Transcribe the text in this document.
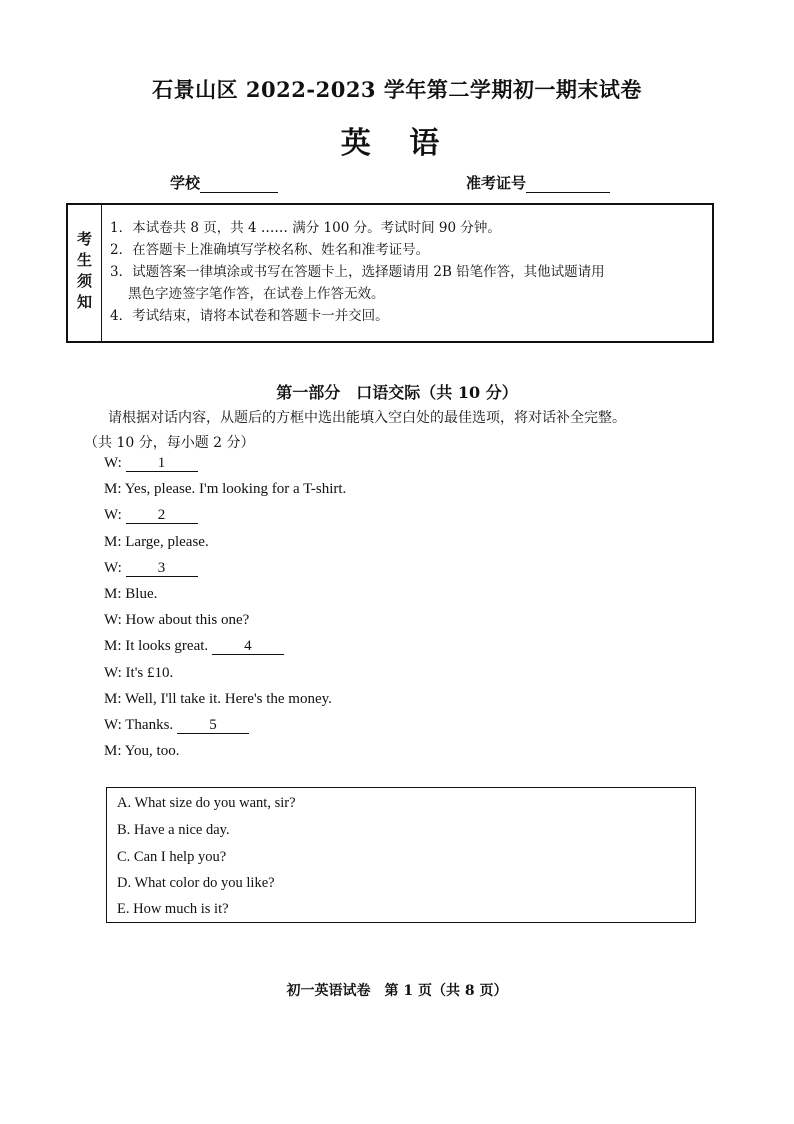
石景山区 2022-2023 学年第二学期初一期末试卷
英 语
学校	准考证号
考生须知
1．本试卷共 8 页，共 4 …… 满分 100 分。考试时间 90 分钟。
2．在答题卡上准确填写学校名称、姓名和准考证号。
3．试题答案一律填涂或书写在答题卡上，选择题请用 2B 铅笔作答，其他试题请用
黑色字迹签字笔作答，在试卷上作答无效。
4．考试结束，请将本试卷和答题卡一并交回。
第一部分　口语交际（共 10 分）
请根据对话内容，从题后的方框中选出能填入空白处的最佳选项，将对话补全完整。
（共 10 分，每小题 2 分）
W: 1
M: Yes, please. I'm looking for a T-shirt.
W: 2
M: Large, please.
W: 3
M: Blue.
W: How about this one?
M: It looks great. 4
W: It's £10.
M: Well, I'll take it. Here's the money.
W: Thanks. 5
M: You, too.
A. What size do you want, sir?
B. Have a nice day.
C. Can I help you?
D. What color do you like?
E. How much is it?
初一英语试卷　第 1 页（共 8 页）
